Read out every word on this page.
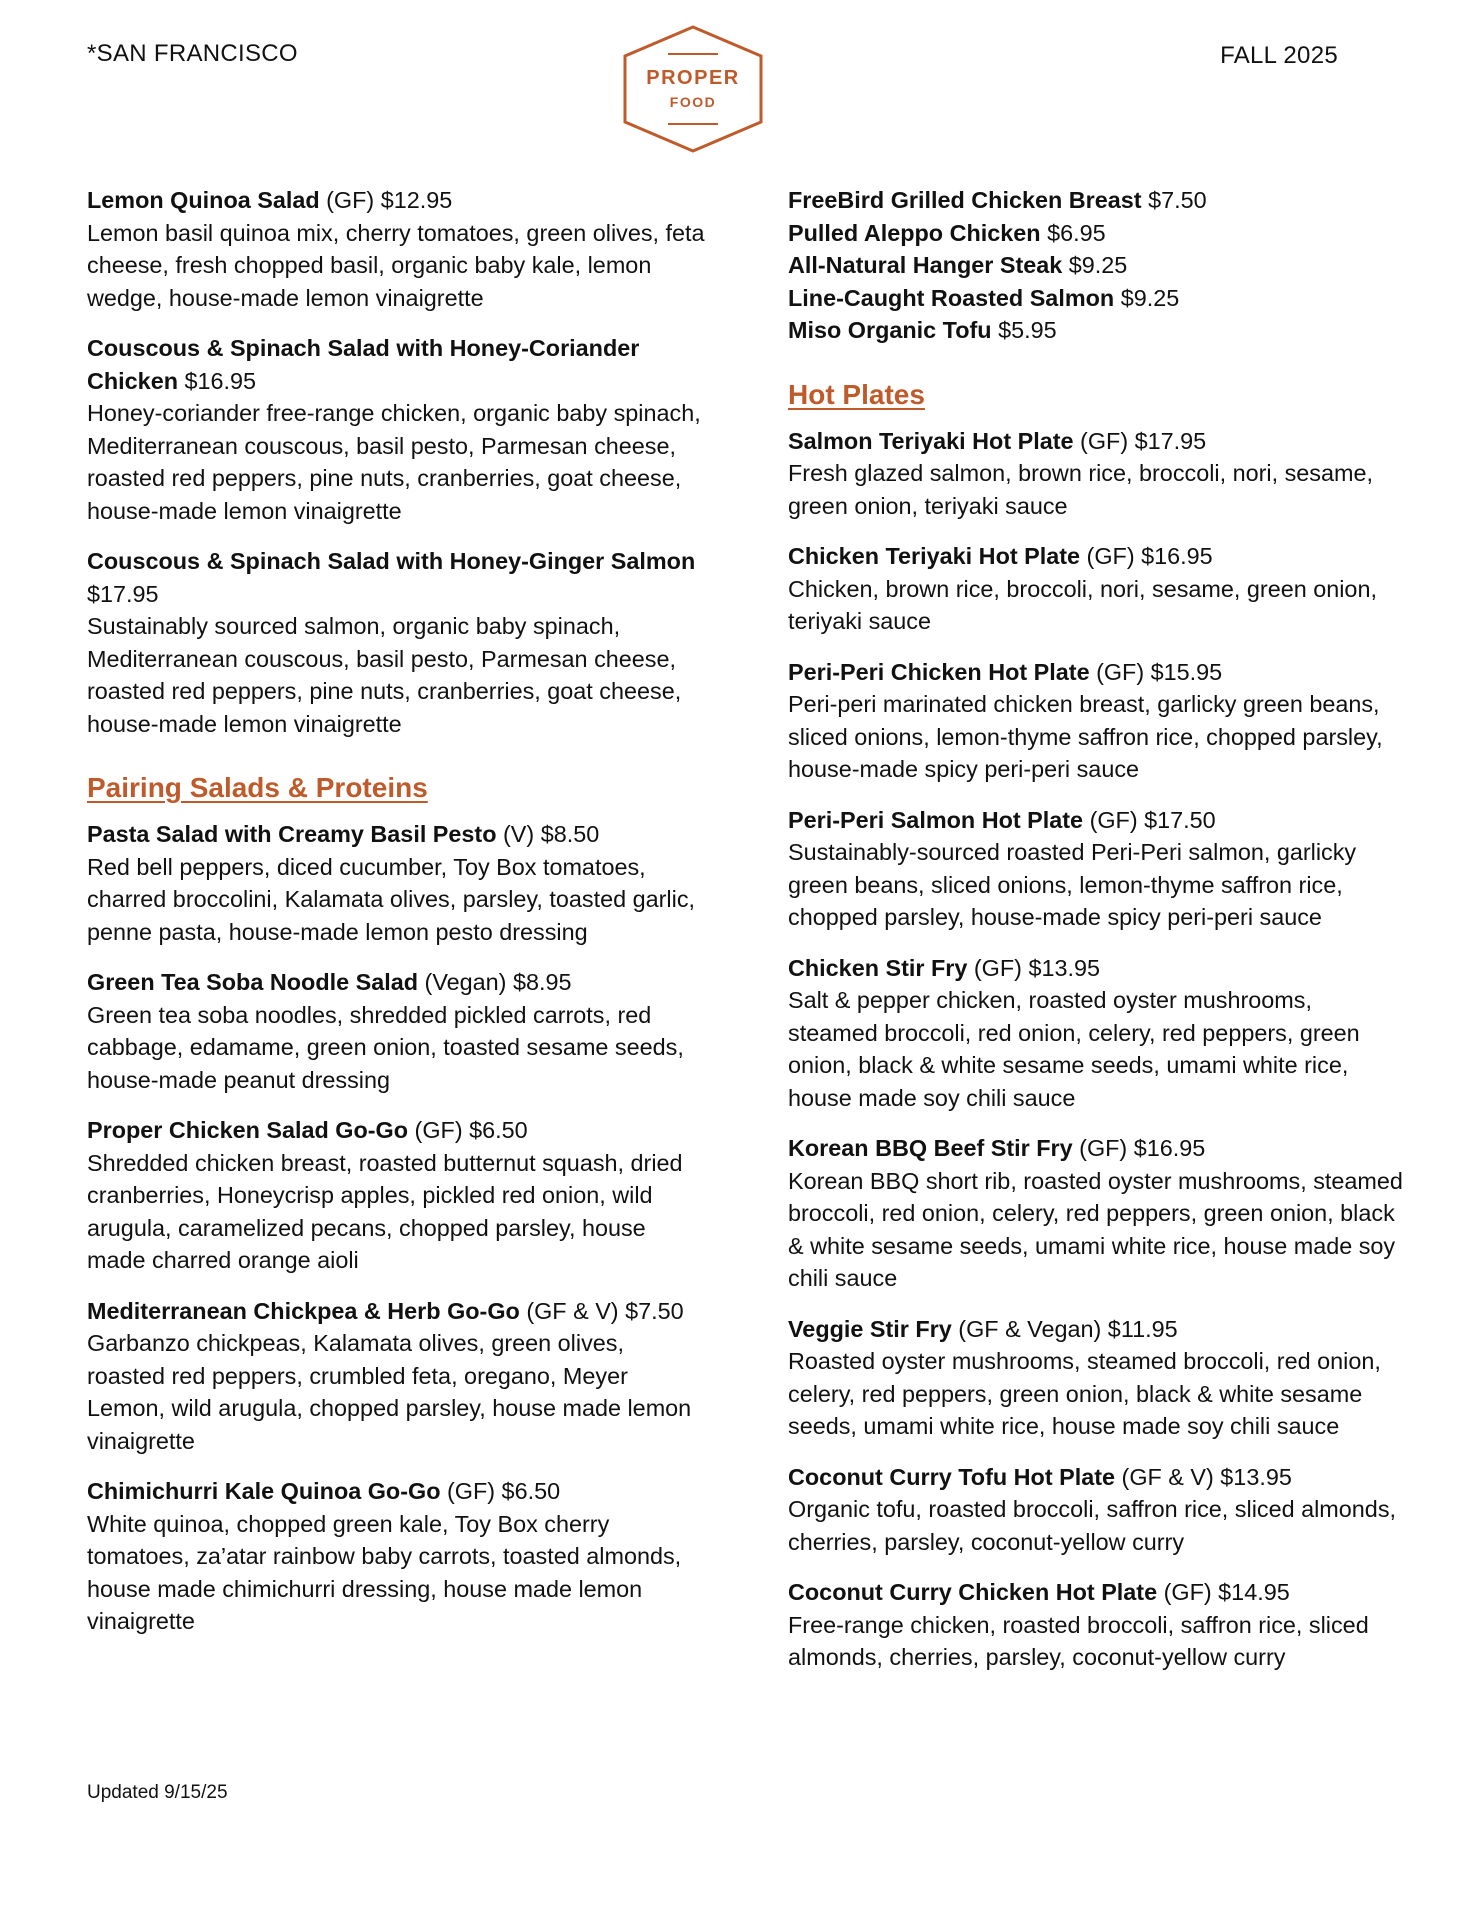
*SAN FRANCISCO	FALL 2025
PROPER
FOOD
Lemon Quinoa Salad (GF) $12.95
Lemon basil quinoa mix, cherry tomatoes, green olives, feta cheese, fresh chopped basil, organic baby kale, lemon wedge, house-made lemon vinaigrette
Couscous & Spinach Salad with Honey-Coriander Chicken $16.95
Honey-coriander free-range chicken, organic baby spinach, Mediterranean couscous, basil pesto, Parmesan cheese, roasted red peppers, pine nuts, cranberries, goat cheese, house-made lemon vinaigrette
Couscous & Spinach Salad with Honey-Ginger Salmon $17.95
Sustainably sourced salmon, organic baby spinach, Mediterranean couscous, basil pesto, Parmesan cheese, roasted red peppers, pine nuts, cranberries, goat cheese, house-made lemon vinaigrette
Pairing Salads & Proteins
Pasta Salad with Creamy Basil Pesto (V) $8.50
Red bell peppers, diced cucumber, Toy Box tomatoes, charred broccolini, Kalamata olives, parsley, toasted garlic, penne pasta, house-made lemon pesto dressing
Green Tea Soba Noodle Salad (Vegan) $8.95
Green tea soba noodles, shredded pickled carrots, red cabbage, edamame, green onion, toasted sesame seeds, house-made peanut dressing
Proper Chicken Salad Go-Go (GF) $6.50
Shredded chicken breast, roasted butternut squash, dried cranberries, Honeycrisp apples, pickled red onion, wild arugula, caramelized pecans, chopped parsley, house made charred orange aioli
Mediterranean Chickpea & Herb Go-Go (GF & V) $7.50
Garbanzo chickpeas, Kalamata olives, green olives, roasted red peppers, crumbled feta, oregano, Meyer Lemon, wild arugula, chopped parsley, house made lemon vinaigrette
Chimichurri Kale Quinoa Go-Go (GF) $6.50
White quinoa, chopped green kale, Toy Box cherry tomatoes, za’atar rainbow baby carrots, toasted almonds, house made chimichurri dressing, house made lemon vinaigrette
FreeBird Grilled Chicken Breast $7.50
Pulled Aleppo Chicken $6.95
All-Natural Hanger Steak $9.25
Line-Caught Roasted Salmon $9.25
Miso Organic Tofu $5.95
Hot Plates
Salmon Teriyaki Hot Plate (GF) $17.95
Fresh glazed salmon, brown rice, broccoli, nori, sesame, green onion, teriyaki sauce
Chicken Teriyaki Hot Plate (GF) $16.95
Chicken, brown rice, broccoli, nori, sesame, green onion, teriyaki sauce
Peri-Peri Chicken Hot Plate (GF) $15.95
Peri-peri marinated chicken breast, garlicky green beans, sliced onions, lemon-thyme saffron rice, chopped parsley, house-made spicy peri-peri sauce
Peri-Peri Salmon Hot Plate (GF) $17.50
Sustainably-sourced roasted Peri-Peri salmon, garlicky green beans, sliced onions, lemon-thyme saffron rice, chopped parsley, house-made spicy peri-peri sauce
Chicken Stir Fry (GF) $13.95
Salt & pepper chicken, roasted oyster mushrooms, steamed broccoli, red onion, celery, red peppers, green onion, black & white sesame seeds, umami white rice, house made soy chili sauce
Korean BBQ Beef Stir Fry (GF) $16.95
Korean BBQ short rib, roasted oyster mushrooms, steamed broccoli, red onion, celery, red peppers, green onion, black & white sesame seeds, umami white rice, house made soy chili sauce
Veggie Stir Fry (GF & Vegan) $11.95
Roasted oyster mushrooms, steamed broccoli, red onion, celery, red peppers, green onion, black & white sesame seeds, umami white rice, house made soy chili sauce
Coconut Curry Tofu Hot Plate (GF & V) $13.95
Organic tofu, roasted broccoli, saffron rice, sliced almonds, cherries, parsley, coconut-yellow curry
Coconut Curry Chicken Hot Plate (GF) $14.95
Free-range chicken, roasted broccoli, saffron rice, sliced almonds, cherries, parsley, coconut-yellow curry
Updated 9/15/25
